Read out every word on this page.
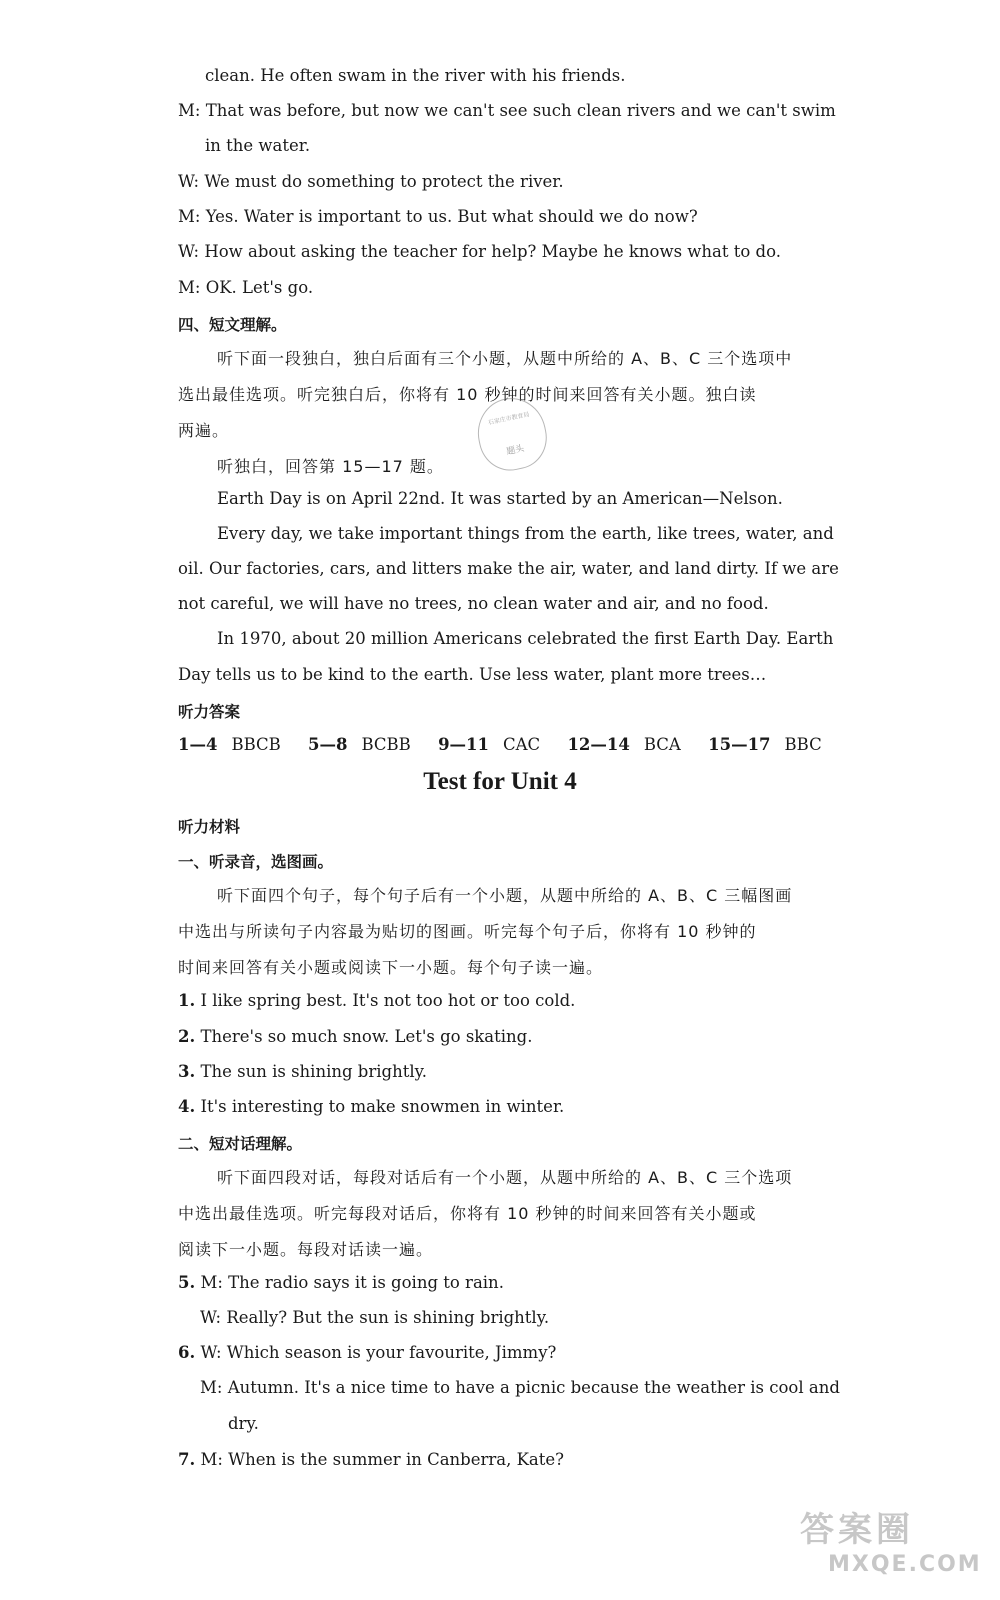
clean. He often swam in the river with his friends.
M: That was before, but now we can't see such clean rivers and we can't swim
in the water.
W: We must do something to protect the river.
M: Yes. Water is important to us. But what should we do now?
W: How about asking the teacher for help? Maybe he knows what to do.
M: OK. Let's go.
四、短文理解。
听下面一段独白，独白后面有三个小题，从题中所给的 A、B、C 三个选项中
选出最佳选项。听完独白后，你将有 10 秒钟的时间来回答有关小题。独白读
两遍。
听独白，回答第 15—17 题。
Earth Day is on April 22nd. It was started by an American—Nelson.
Every day, we take important things from the earth, like trees, water, and
oil. Our factories, cars, and litters make the air, water, and land dirty. If we are
not careful, we will have no trees, no clean water and air, and no food.
In 1970, about 20 million Americans celebrated the first Earth Day. Earth
Day tells us to be kind to the earth. Use less water, plant more trees…
听力答案
1—4 BBCB 5—8 BCBB 9—11 CAC 12—14 BCA 15—17 BBC
Test for Unit 4
听力材料
一、听录音，选图画。
听下面四个句子，每个句子后有一个小题，从题中所给的 A、B、C 三幅图画
中选出与所读句子内容最为贴切的图画。听完每个句子后，你将有 10 秒钟的
时间来回答有关小题或阅读下一小题。每个句子读一遍。
1. I like spring best. It's not too hot or too cold.
2. There's so much snow. Let's go skating.
3. The sun is shining brightly.
4. It's interesting to make snowmen in winter.
二、短对话理解。
听下面四段对话，每段对话后有一个小题，从题中所给的 A、B、C 三个选项
中选出最佳选项。听完每段对话后，你将有 10 秒钟的时间来回答有关小题或
阅读下一小题。每段对话读一遍。
5. M: The radio says it is going to rain.
W: Really? But the sun is shining brightly.
6. W: Which season is your favourite, Jimmy?
M: Autumn. It's a nice time to have a picnic because the weather is cool and
dry.
7. M: When is the summer in Canberra, Kate?
石家庄市教育局
题头
答案圈
MXQE.COM
